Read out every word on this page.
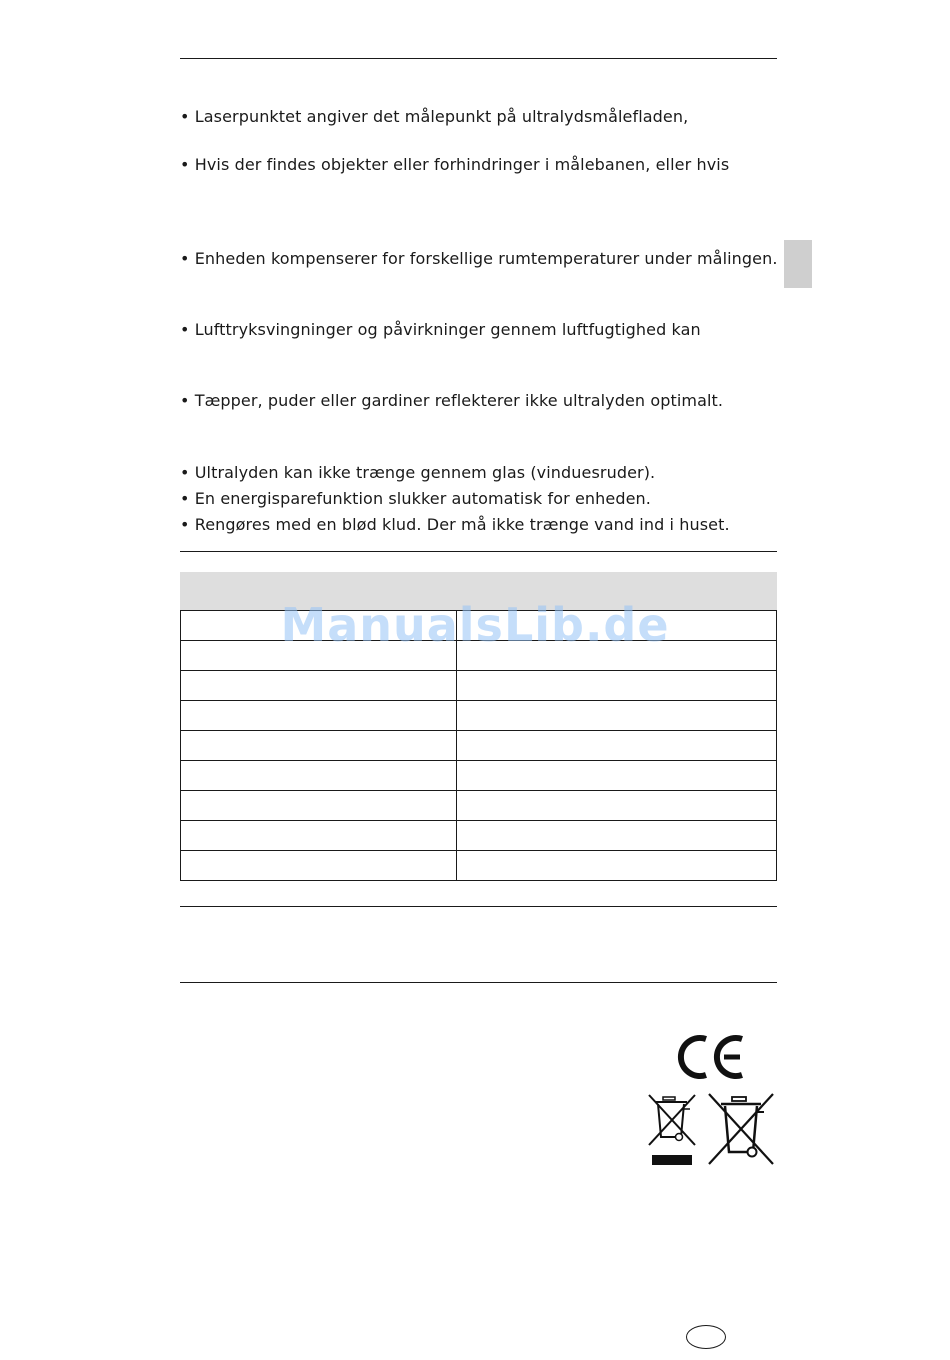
• Laserpunktet angiver det målepunkt på ultralydsmålefladen,
• Hvis der findes objekter eller forhindringer i målebanen, eller hvis
• Enheden kompenserer for forskellige rumtemperaturer under målingen.
• Lufttryksvingninger og påvirkninger gennem luftfugtighed kan
• Tæpper, puder eller gardiner reflekterer ikke ultralyden optimalt.
• Ultralyden kan ikke trænge gennem glas (vinduesruder).
• En energisparefunktion slukker automatisk for enheden.
• Rengøres med en blød klud. Der må ikke trænge vand ind i huset.

ManualsLib.de
